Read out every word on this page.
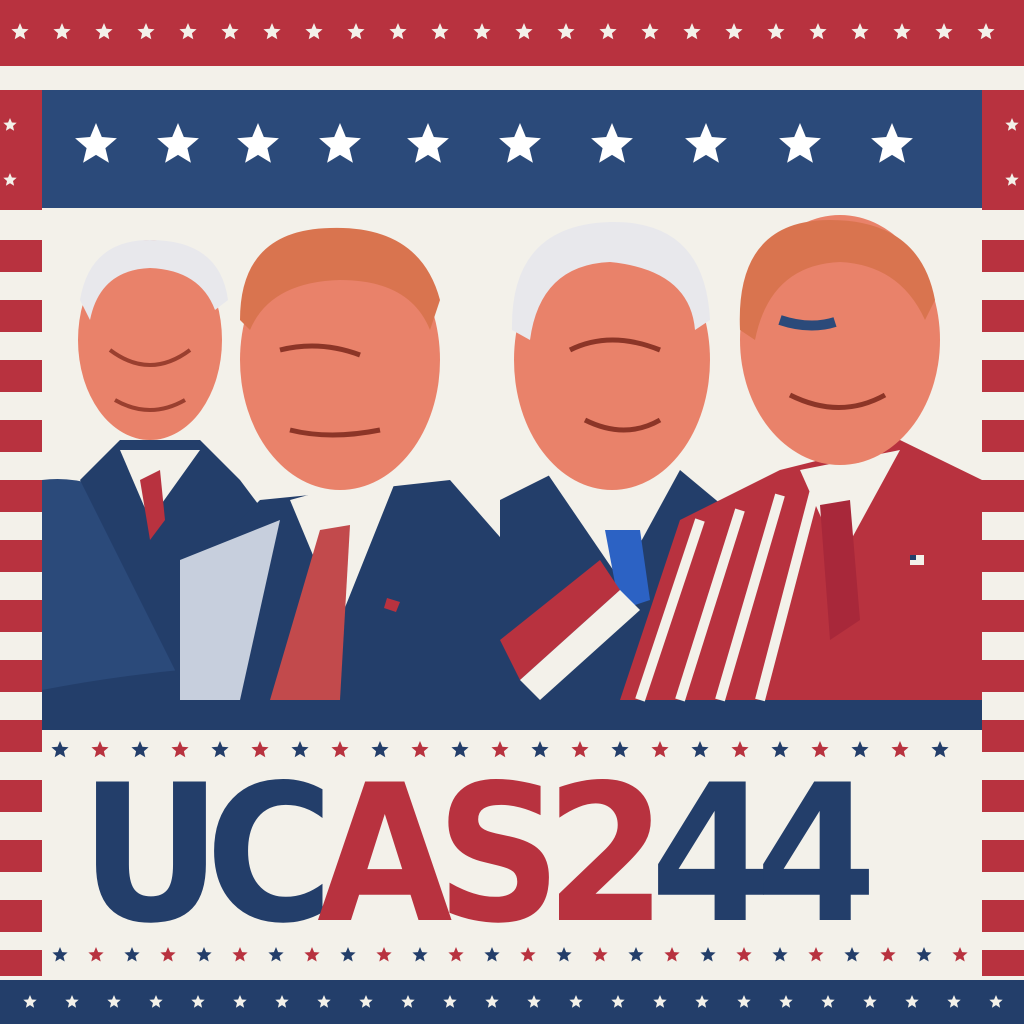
UCAS244
